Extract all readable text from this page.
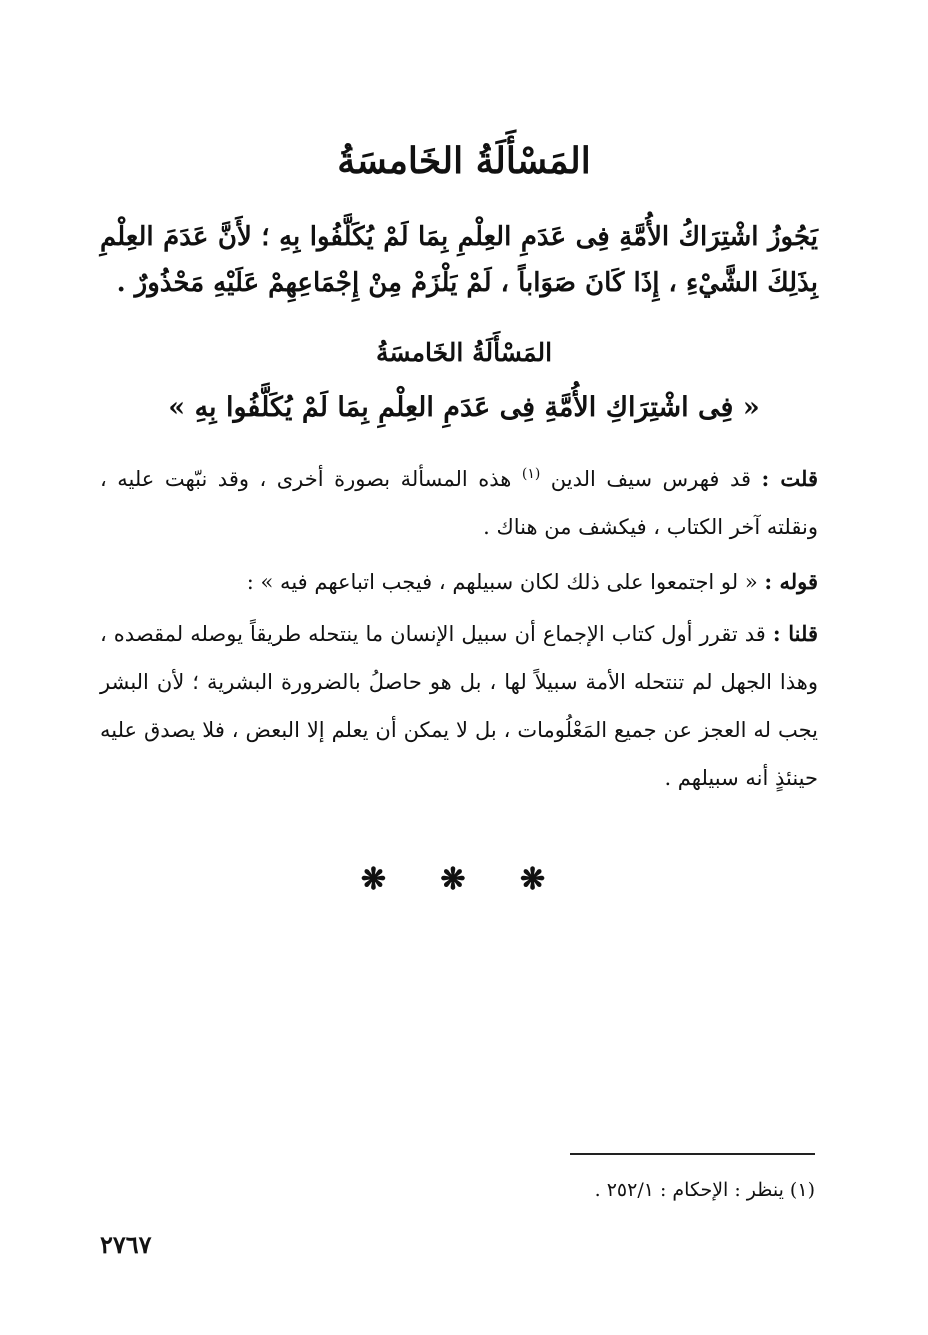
المَسْأَلَةُ الخَامسَةُ
يَجُوزُ اشْتِرَاكُ الأُمَّةِ فِى عَدَمِ العِلْمِ بِمَا لَمْ يُكَلَّفُوا بِهِ ؛ لأَنَّ عَدَمَ العِلْمِ بِذَلِكَ الشَّيْءِ ، إِذَا كَانَ صَوَاباً ، لَمْ يَلْزَمْ مِنْ إِجْمَاعِهِمْ عَلَيْهِ مَحْذُورٌ .
المَسْأَلَةُ الخَامسَةُ
« فِى اشْتِرَاكِ الأُمَّةِ فِى عَدَمِ العِلْمِ بِمَا لَمْ يُكَلَّفُوا بِهِ »
قلت : قد فهرس سيف الدين $^{(١)}$ هذه المسألة بصورة أخرى ، وقد نبّهت عليه ، ونقلته آخر الكتاب ، فيكشف من هناك .
قوله : « لو اجتمعوا على ذلك لكان سبيلهم ، فيجب اتباعهم فيه » :
قلنا : قد تقرر أول كتاب الإجماع أن سبيل الإنسان ما ينتحله طريقاً يوصله لمقصده ، وهذا الجهل لم تنتحله الأمة سبيلاً لها ، بل هو حاصلُ بالضرورة البشرية ؛ لأن البشر يجب له العجز عن جميع المَعْلُومات ، بل لا يمكن أن يعلم إلا البعض ، فلا يصدق عليه حينئذٍ أنه سبيلهم .
❋ ❋ ❋
(١) ينظر : الإحكام : ٢٥٢/١ .
٢٧٦٧
